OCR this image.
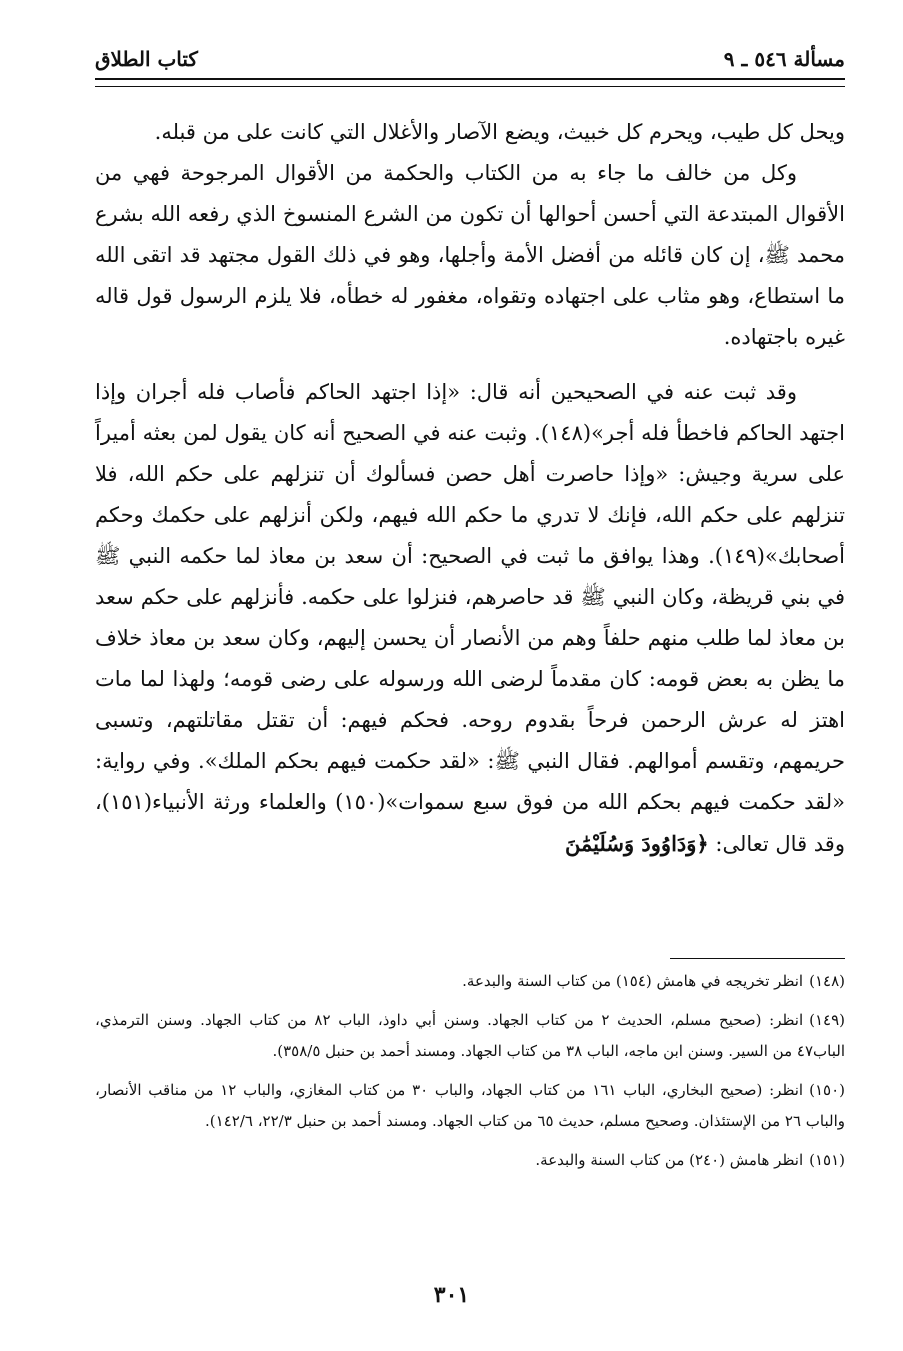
مسألة ٥٤٦ ـ ٩
كتاب الطلاق

ويحل كل طيب، ويحرم كل خبيث، ويضع الآصار والأغلال التي كانت على من قبله.

وكل من خالف ما جاء به من الكتاب والحكمة من الأقوال المرجوحة فهي من الأقوال المبتدعة التي أحسن أحوالها أن تكون من الشرع المنسوخ الذي رفعه الله بشرع محمد ﷺ، إن كان قائله من أفضل الأمة وأجلها، وهو في ذلك القول مجتهد قد اتقى الله ما استطاع، وهو مثاب على اجتهاده وتقواه، مغفور له خطأه، فلا يلزم الرسول قول قاله غيره باجتهاده.

وقد ثبت عنه في الصحيحين أنه قال: «إذا اجتهد الحاكم فأصاب فله أجران وإذا اجتهد الحاكم فاخطأ فله أجر»(١٤٨). وثبت عنه في الصحيح أنه كان يقول لمن بعثه أميراً على سرية وجيش: «وإذا حاصرت أهل حصن فسألوك أن تنزلهم على حكم الله، فلا تنزلهم على حكم الله، فإنك لا تدري ما حكم الله فيهم، ولكن أنزلهم على حكمك وحكم أصحابك»(١٤٩). وهذا يوافق ما ثبت في الصحيح: أن سعد بن معاذ لما حكمه النبي ﷺ في بني قريظة، وكان النبي ﷺ قد حاصرهم، فنزلوا على حكمه. فأنزلهم على حكم سعد بن معاذ لما طلب منهم حلفاً وهم من الأنصار أن يحسن إليهم، وكان سعد بن معاذ خلاف ما يظن به بعض قومه: كان مقدماً لرضى الله ورسوله على رضى قومه؛ ولهذا لما مات اهتز له عرش الرحمن فرحاً بقدوم روحه. فحكم فيهم: أن تقتل مقاتلتهم، وتسبى حريمهم، وتقسم أموالهم. فقال النبي ﷺ: «لقد حكمت فيهم بحكم الملك». وفي رواية: «لقد حكمت فيهم بحكم الله من فوق سبع سموات»(١٥٠) والعلماء ورثة الأنبياء(١٥١)، وقد قال تعالى: ﴿وَدَاوُودَ وَسُلَيْمَٰنَ

(١٤٨)انظر تخريجه في هامش (١٥٤) من كتاب السنة والبدعة.

(١٤٩)انظر: (صحيح مسلم، الحديث ٢ من كتاب الجهاد. وسنن أبي داوذ، الباب ٨٢ من كتاب الجهاد. وسنن الترمذي، الباب٤٧ من السير. وسنن ابن ماجه، الباب ٣٨ من كتاب الجهاد. ومسند أحمد بن حنبل ٣٥٨/٥).

(١٥٠)انظر: (صحيح البخاري، الباب ١٦١ من كتاب الجهاد، والباب ٣٠ من كتاب المغازي، والباب ١٢ من مناقب الأنصار، والباب ٢٦ من الإستئذان. وصحيح مسلم، حديث ٦٥ من كتاب الجهاد. ومسند أحمد بن حنبل ٢٢/٣، ١٤٢/٦).

(١٥١)انظر هامش (٢٤٠) من كتاب السنة والبدعة.

٣٠١
